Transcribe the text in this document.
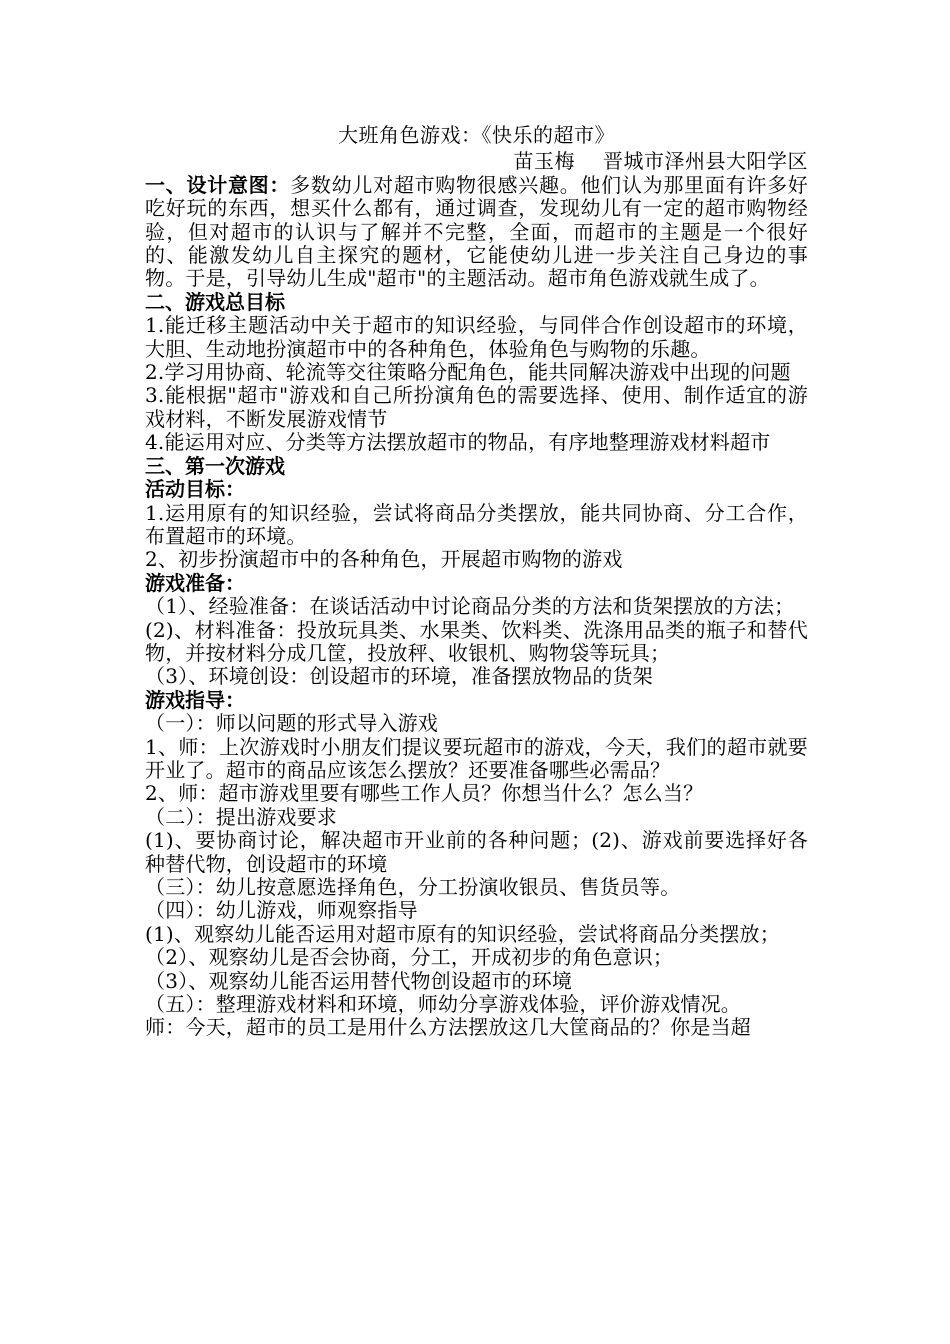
大班角色游戏：《快乐的超市》

苗玉梅 晋城市泽州县大阳学区

一、设计意图：多数幼儿对超市购物很感兴趣。他们认为那里面有许多好吃好玩的东西，想买什么都有，通过调查，发现幼儿有一定的超市购物经验，但对超市的认识与了解并不完整，全面，而超市的主题是一个很好的、能激发幼儿自主探究的题材，它能使幼儿进一步关注自己身边的事物。于是，引导幼儿生成"超市"的主题活动。超市角色游戏就生成了。

二、游戏总目标

1.能迁移主题活动中关于超市的知识经验，与同伴合作创设超市的环境，大胆、生动地扮演超市中的各种角色，体验角色与购物的乐趣。

2.学习用协商、轮流等交往策略分配角色，能共同解决游戏中出现的问题

3.能根据"超市"游戏和自己所扮演角色的需要选择、使用、制作适宜的游戏材料，不断发展游戏情节

4.能运用对应、分类等方法摆放超市的物品，有序地整理游戏材料超市

三、第一次游戏

活动目标：

1.运用原有的知识经验，尝试将商品分类摆放，能共同协商、分工合作，布置超市的环境。

2、初步扮演超市中的各种角色，开展超市购物的游戏

游戏准备：

（1）、经验准备：在谈话活动中讨论商品分类的方法和货架摆放的方法；

(2)、材料准备：投放玩具类、水果类、饮料类、洗涤用品类的瓶子和替代物，并按材料分成几筐，投放秤、收银机、购物袋等玩具；

（3）、环境创设：创设超市的环境，准备摆放物品的货架

游戏指导：

（一）：师以问题的形式导入游戏

1、师：上次游戏时小朋友们提议要玩超市的游戏，今天，我们的超市就要开业了。超市的商品应该怎么摆放？还要准备哪些必需品？

2、师：超市游戏里要有哪些工作人员？你想当什么？怎么当？

（二）：提出游戏要求

(1)、要协商讨论，解决超市开业前的各种问题；(2)、游戏前要选择好各种替代物，创设超市的环境

（三）：幼儿按意愿选择角色，分工扮演收银员、售货员等。

（四）：幼儿游戏，师观察指导

(1)、观察幼儿能否运用对超市原有的知识经验，尝试将商品分类摆放；

（2）、观察幼儿是否会协商，分工，开成初步的角色意识；

（3）、观察幼儿能否运用替代物创设超市的环境

（五）：整理游戏材料和环境，师幼分享游戏体验，评价游戏情况。

师：今天，超市的员工是用什么方法摆放这几大筐商品的？你是当超
